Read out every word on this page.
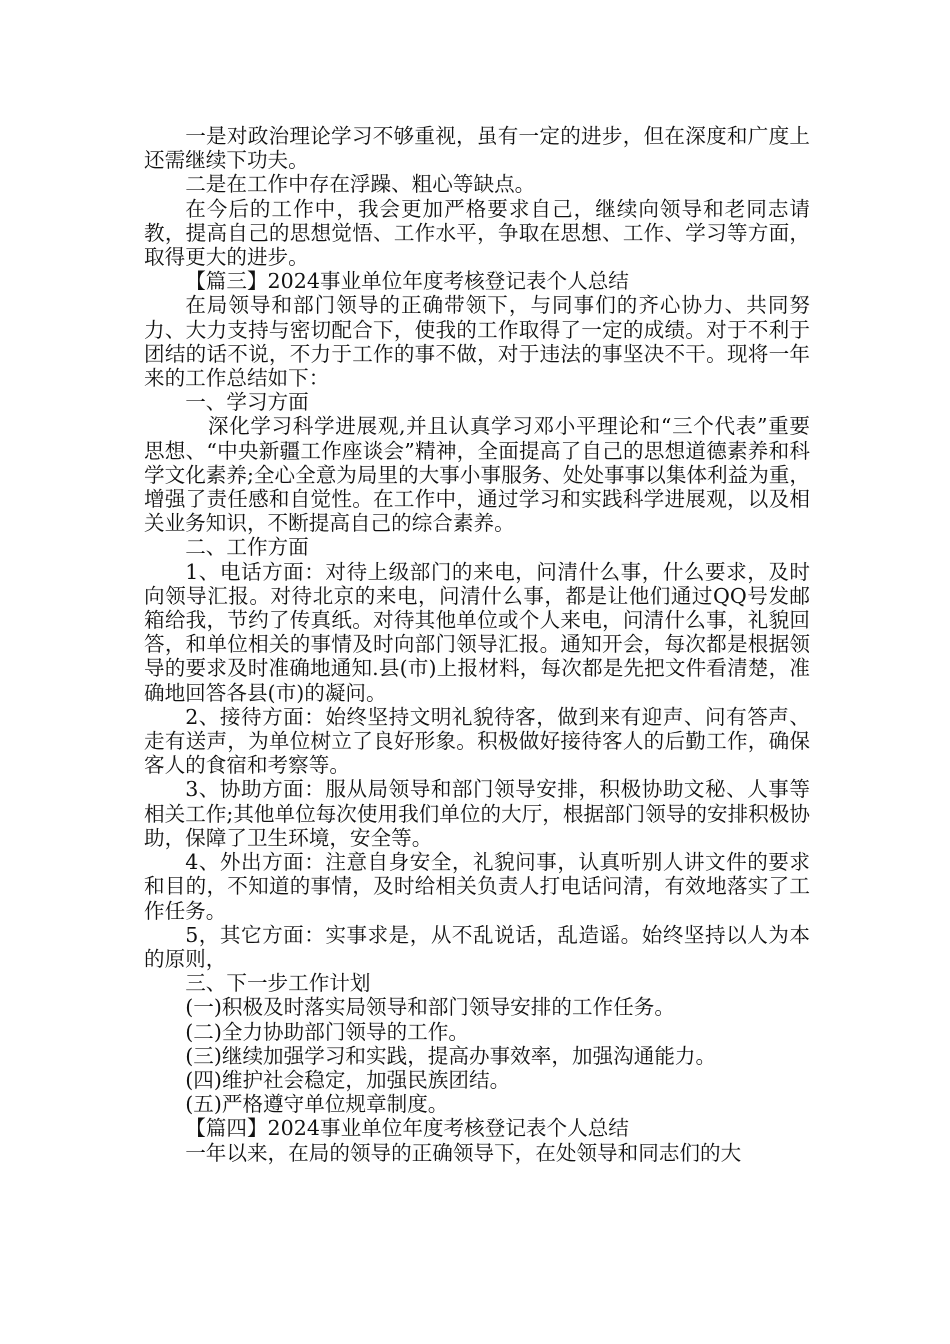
一是对政治理论学习不够重视，虽有一定的进步，但在深度和广度上还需继续下功夫。

二是在工作中存在浮躁、粗心等缺点。

在今后的工作中，我会更加严格要求自己，继续向领导和老同志请教，提高自己的思想觉悟、工作水平，争取在思想、工作、学习等方面，取得更大的进步。

【篇三】2024事业单位年度考核登记表个人总结

在局领导和部门领导的正确带领下，与同事们的齐心协力、共同努力、大力支持与密切配合下，使我的工作取得了一定的成绩。对于不利于团结的话不说，不力于工作的事不做，对于违法的事坚决不干。现将一年来的工作总结如下：

一、学习方面

深化学习科学进展观,并且认真学习邓小平理论和“三个代表”重要思想、“中央新疆工作座谈会”精神，全面提高了自己的思想道德素养和科学文化素养;全心全意为局里的大事小事服务、处处事事以集体利益为重，增强了责任感和自觉性。在工作中，通过学习和实践科学进展观，以及相关业务知识，不断提高自己的综合素养。

二、工作方面

1、电话方面：对待上级部门的来电，问清什么事，什么要求，及时向领导汇报。对待北京的来电，问清什么事，都是让他们通过QQ号发邮箱给我，节约了传真纸。对待其他单位或个人来电，问清什么事，礼貌回答，和单位相关的事情及时向部门领导汇报。通知开会，每次都是根据领导的要求及时准确地通知.县(市)上报材料，每次都是先把文件看清楚，准确地回答各县(市)的凝问。

2、接待方面：始终坚持文明礼貌待客，做到来有迎声、问有答声、走有送声，为单位树立了良好形象。积极做好接待客人的后勤工作，确保客人的食宿和考察等。

3、协助方面：服从局领导和部门领导安排，积极协助文秘、人事等相关工作;其他单位每次使用我们单位的大厅，根据部门领导的安排积极协助，保障了卫生环境，安全等。

4、外出方面：注意自身安全，礼貌问事，认真听别人讲文件的要求和目的，不知道的事情，及时给相关负责人打电话问清，有效地落实了工作任务。

5，其它方面：实事求是，从不乱说话，乱造谣。始终坚持以人为本的原则，

三、下一步工作计划

(一)积极及时落实局领导和部门领导安排的工作任务。

(二)全力协助部门领导的工作。

(三)继续加强学习和实践，提高办事效率，加强沟通能力。

(四)维护社会稳定，加强民族团结。

(五)严格遵守单位规章制度。

【篇四】2024事业单位年度考核登记表个人总结

一年以来，在局的领导的正确领导下，在处领导和同志们的大
